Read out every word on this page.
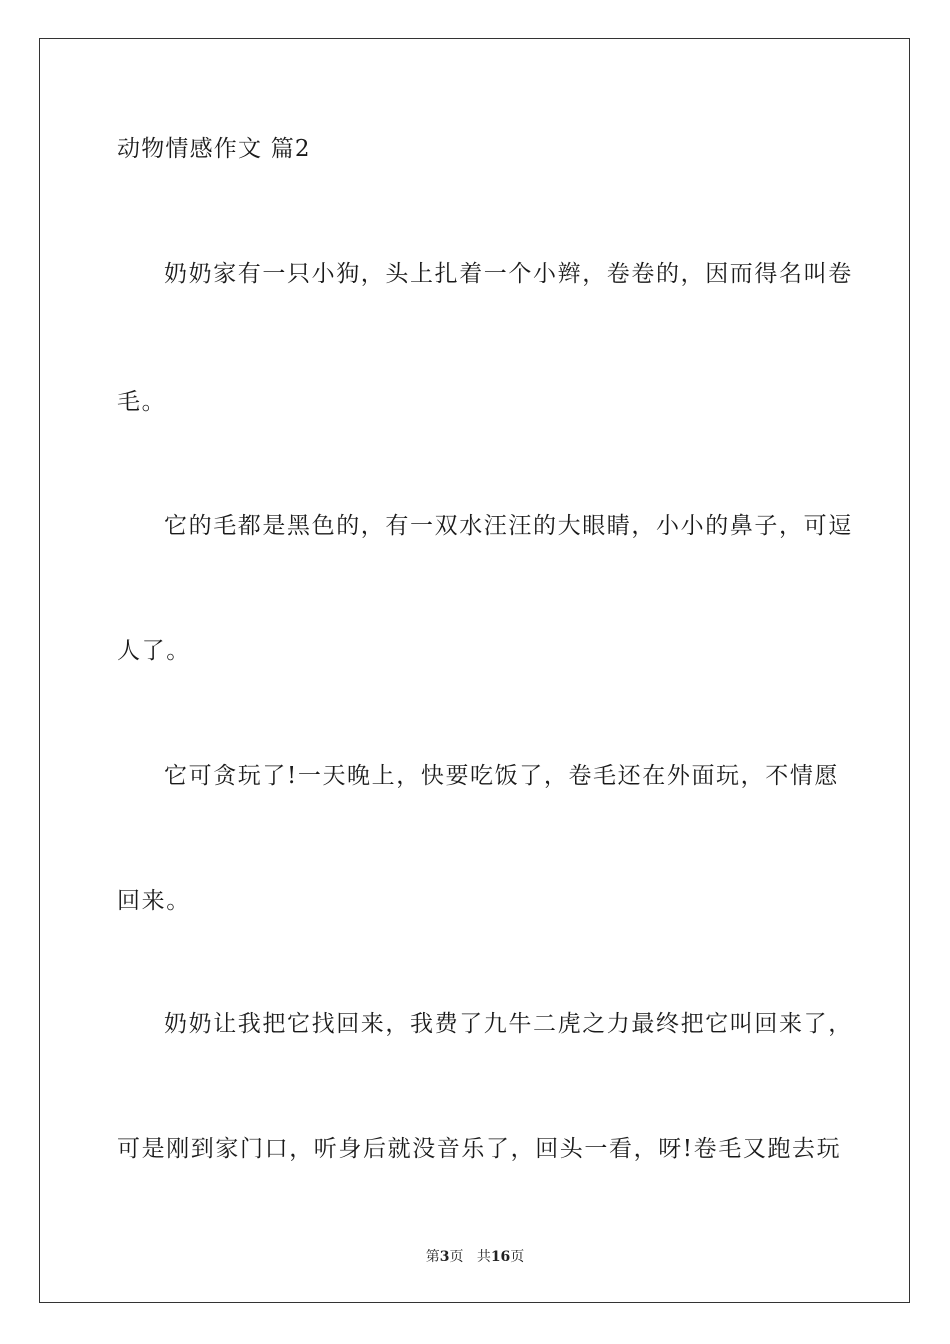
动物情感作文 篇2
奶奶家有一只小狗，头上扎着一个小辫，卷卷的，因而得名叫卷
毛。
它的毛都是黑色的，有一双水汪汪的大眼睛，小小的鼻子，可逗
人了。
它可贪玩了!一天晚上，快要吃饭了，卷毛还在外面玩，不情愿
回来。
奶奶让我把它找回来，我费了九牛二虎之力最终把它叫回来了，
可是刚到家门口，听身后就没音乐了，回头一看，呀!卷毛又跑去玩
第3页 共16页
